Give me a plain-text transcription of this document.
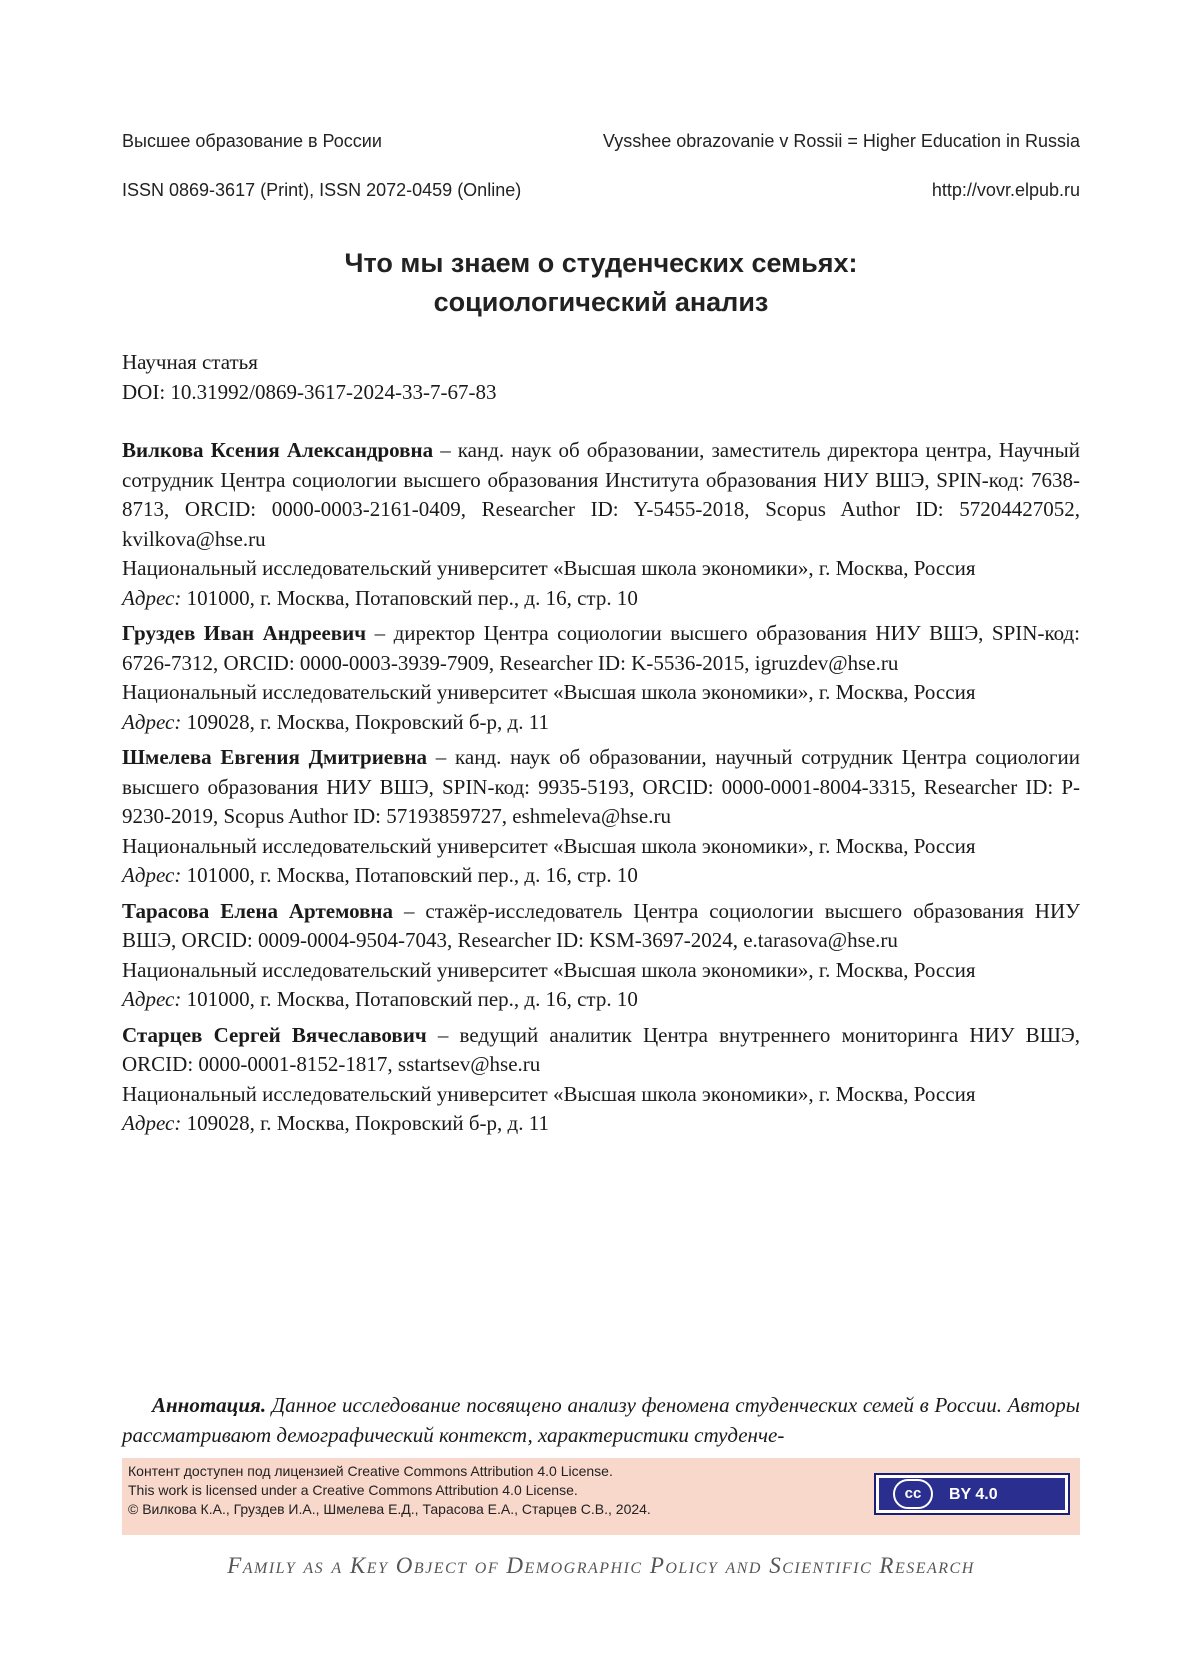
Высшее образование в России	Vysshee obrazovanie v Rossii = Higher Education in Russia
ISSN 0869-3617 (Print), ISSN 2072-0459 (Online)	http://vovr.elpub.ru
Что мы знаем о студенческих семьях:
социологический анализ
Научная статья
DOI: 10.31992/0869-3617-2024-33-7-67-83

Вилкова Ксения Александровна – канд. наук об образовании, заместитель директора центра, Научный сотрудник Центра социологии высшего образования Института образования НИУ ВШЭ, SPIN-код: 7638-8713, ORCID: 0000-0003-2161-0409, Researcher ID: Y-5455-2018, Scopus Author ID: 57204427052, kvilkova@hse.ru

Национальный исследовательский университет «Высшая школа экономики», г. Москва, Россия

Адрес: 101000, г. Москва, Потаповский пер., д. 16, стр. 10

Груздев Иван Андреевич – директор Центра социологии высшего образования НИУ ВШЭ, SPIN-код: 6726-7312, ORCID: 0000-0003-3939-7909, Researcher ID: K-5536-2015, igruzdev@hse.ru

Национальный исследовательский университет «Высшая школа экономики», г. Москва, Россия

Адрес: 109028, г. Москва, Покровский б-р, д. 11

Шмелева Евгения Дмитриевна – канд. наук об образовании, научный сотрудник Центра социологии высшего образования НИУ ВШЭ, SPIN-код: 9935-5193, ORCID: 0000-0001-8004-3315, Researcher ID: P-9230-2019, Scopus Author ID: 57193859727, eshmeleva@hse.ru

Национальный исследовательский университет «Высшая школа экономики», г. Москва, Россия

Адрес: 101000, г. Москва, Потаповский пер., д. 16, стр. 10

Тарасова Елена Артемовна – стажёр-исследователь Центра социологии высшего образования НИУ ВШЭ, ORCID: 0009-0004-9504-7043, Researcher ID: KSM-3697-2024, e.tarasova@hse.ru

Национальный исследовательский университет «Высшая школа экономики», г. Москва, Россия

Адрес: 101000, г. Москва, Потаповский пер., д. 16, стр. 10

Старцев Сергей Вячеславович – ведущий аналитик Центра внутреннего мониторинга НИУ ВШЭ, ORCID: 0000-0001-8152-1817, sstartsev@hse.ru

Национальный исследовательский университет «Высшая школа экономики», г. Москва, Россия

Адрес: 109028, г. Москва, Покровский б-р, д. 11

Аннотация. Данное исследование посвящено анализу феномена студенческих семей в России. Авторы рассматривают демографический контекст, характеристики студенче-
Контент доступен под лицензией Creative Commons Attribution 4.0 License.
This work is licensed under a Creative Commons Attribution 4.0 License.
© Вилкова К.А., Груздев И.А., Шмелева Е.Д., Тарасова Е.А., Старцев С.В., 2024.
cc	BY 4.0
Family as a Key Object of Demographic Policy and Scientific Research
